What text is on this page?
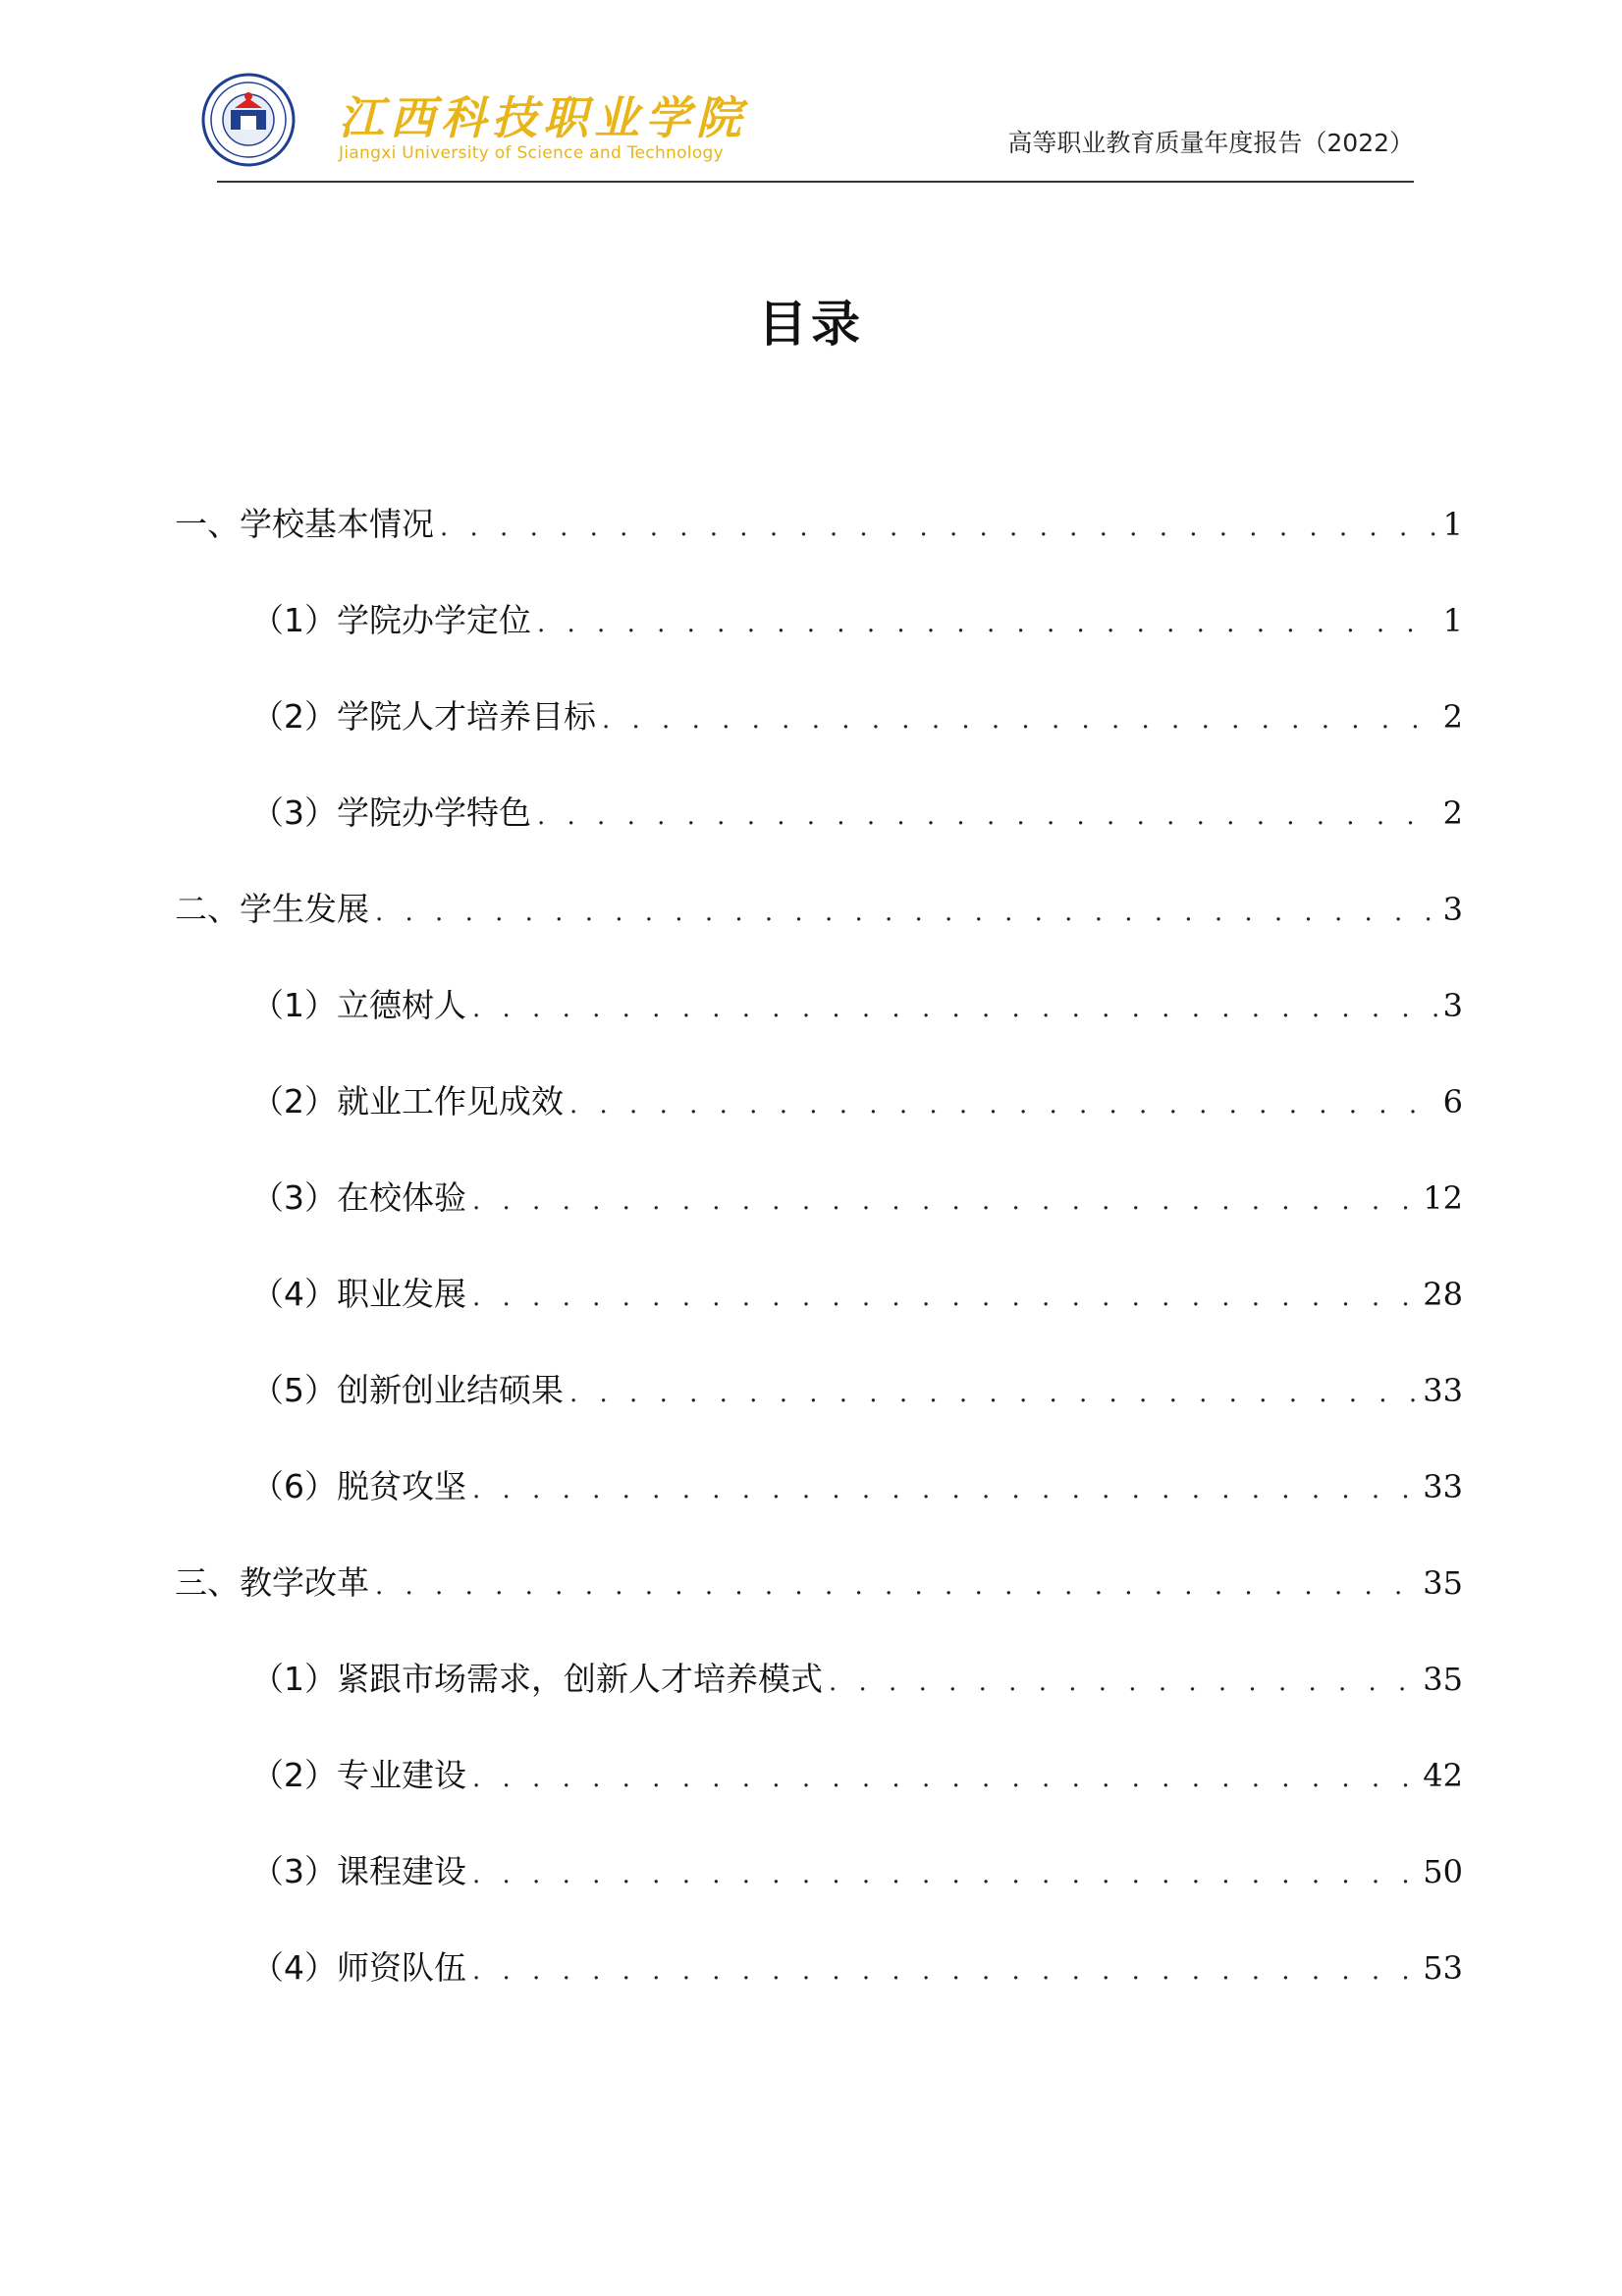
江西科技职业学院
Jiangxi University of Science and Technology	高等职业教育质量年度报告（2022）
目录
一、学校基本情况 . . .	1
（1）学院办学定位 . . .	1
（2）学院人才培养目标 . . .	2
（3）学院办学特色 . . .	2
二、学生发展 . . .	3
（1）立德树人 . . .	3
（2）就业工作见成效 . . .	6
（3）在校体验 . . .	12
（4）职业发展 . . .	28
（5）创新创业结硕果 . . .	33
（6）脱贫攻坚 . . .	33
三、教学改革 . . .	35
（1）紧跟市场需求，创新人才培养模式 . . .	35
（2）专业建设 . . .	42
（3）课程建设 . . .	50
（4）师资队伍 . . .	53
